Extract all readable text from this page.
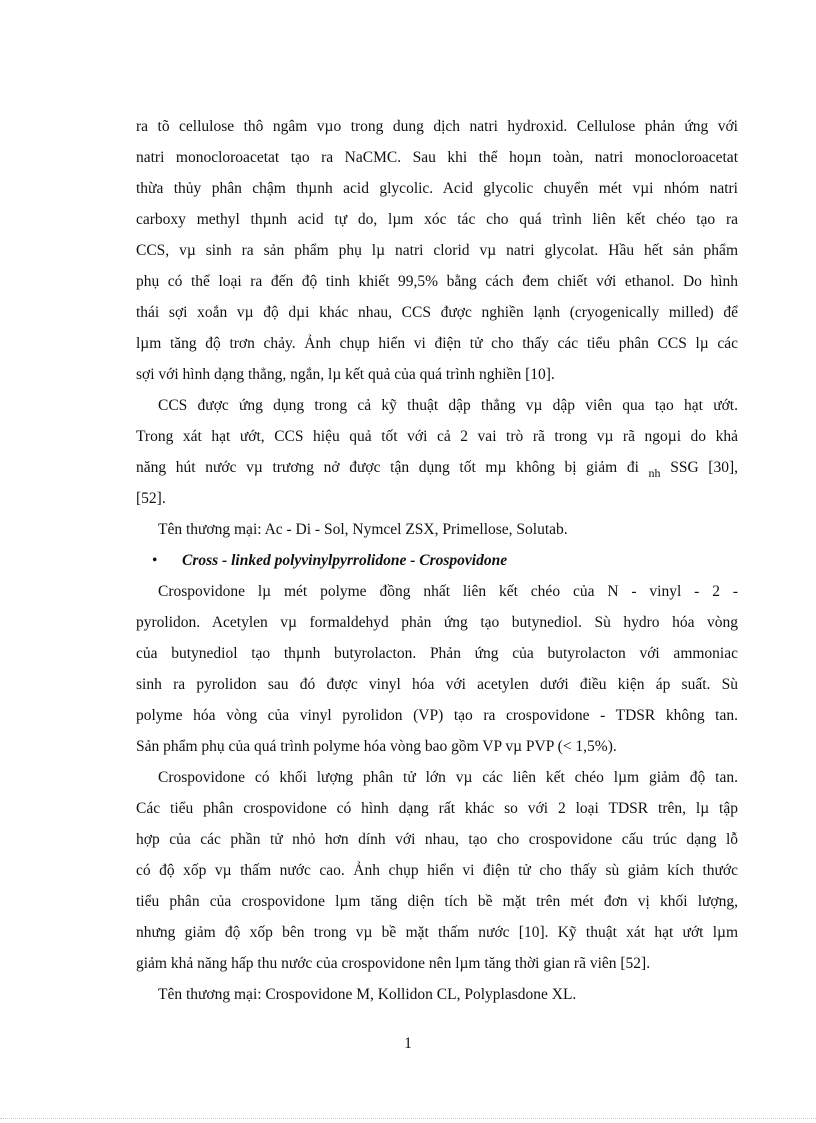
ra tõ cellulose thô ngâm vµo trong dung dịch natri hydroxid. Cellulose phản ứng với
natri monocloroacetat tạo ra NaCMC. Sau khi thể hoµn toàn, natri monocloroacetat
thừa thủy phân chậm thµnh acid glycolic. Acid glycolic chuyển mét vµi nhóm natri
carboxy methyl thµnh acid tự do, lµm xóc tác cho quá trình liên kết chéo tạo ra
CCS, vµ sinh ra sản phẩm phụ lµ natri clorid vµ natri glycolat. Hầu hết sản phẩm
phụ có thể loại ra đến độ tinh khiết 99,5% bằng cách đem chiết với ethanol. Do hình
thái sợi xoắn vµ độ dµi khác nhau, CCS được nghiền lạnh (cryogenically milled) để
lµm tăng độ trơn chảy. Ảnh chụp hiển vi điện tử cho thấy các tiểu phân CCS lµ các
sợi với hình dạng thẳng, ngắn, lµ kết quả của quá trình nghiền [10].
CCS được ứng dụng trong cả kỹ thuật dập thẳng vµ dập viên qua tạo hạt ướt.
Trong xát hạt ướt, CCS hiệu quả tốt với cả 2 vai trò rã trong vµ rã ngoµi do khả
năng hút nước vµ trương nở được tận dụng tốt mµ không bị giảm đi $_{nh}$ SSG [30],
[52].
Tên thương mại: Ac - Di - Sol, Nymcel ZSX, Primellose, Solutab.
• Cross - linked polyvinylpyrrolidone - Crospovidone
Crospovidone lµ mét polyme đồng nhất liên kết chéo của N - vinyl - 2 -
pyrolidon. Acetylen vµ formaldehyd phản ứng tạo butynediol. Sù hydro hóa vòng
của butynediol tạo thµnh butyrolacton. Phản ứng của butyrolacton với ammoniac
sinh ra pyrolidon sau đó được vinyl hóa với acetylen dưới điều kiện áp suất. Sù
polyme hóa vòng của vinyl pyrolidon (VP) tạo ra crospovidone - TDSR không tan.
Sản phẩm phụ của quá trình polyme hóa vòng bao gồm VP vµ PVP (< 1,5%).
Crospovidone có khối lượng phân tử lớn vµ các liên kết chéo lµm giảm độ tan.
Các tiểu phân crospovidone có hình dạng rất khác so với 2 loại TDSR trên, lµ tập
hợp của các phần tử nhỏ hơn dính với nhau, tạo cho crospovidone cấu trúc dạng lỗ
có độ xốp vµ thấm nước cao. Ảnh chụp hiển vi điện tử cho thấy sù giảm kích thước
tiểu phân của crospovidone lµm tăng diện tích bề mặt trên mét đơn vị khối lượng,
nhưng giảm độ xốp bên trong vµ bề mặt thấm nước [10]. Kỹ thuật xát hạt ướt lµm
giảm khả năng hấp thu nước của crospovidone nên lµm tăng thời gian rã viên [52].
Tên thương mại: Crospovidone M, Kollidon CL, Polyplasdone XL.
1
